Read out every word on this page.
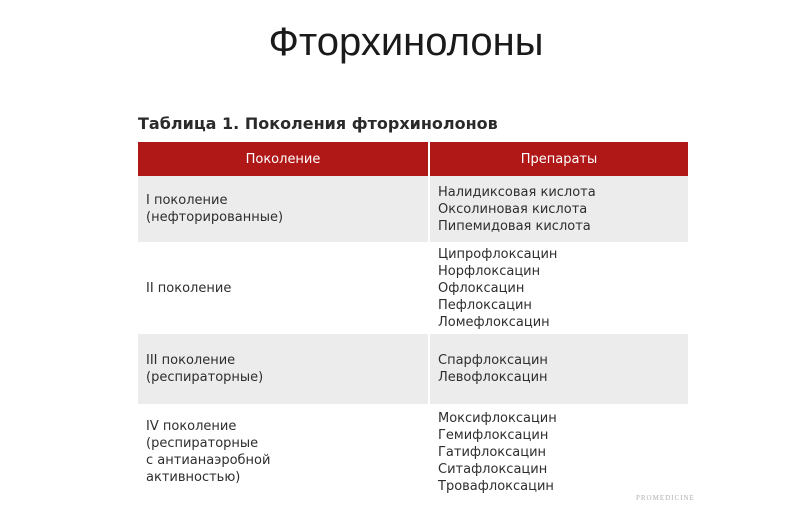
Фторхинолоны
Таблица 1. Поколения фторхинолонов
Поколение	Препараты

I поколение
(нефторированные)	Налидиксовая кислота
Оксолиновая кислота
Пипемидовая кислота

II поколение	Ципрофлоксацин
Норфлоксацин
Офлоксацин
Пефлоксацин
Ломефлоксацин

III поколение
(респираторные)	Спарфлоксацин
Левофлоксацин

IV поколение
(респираторные
с антианаэробной
активностью)	Моксифлоксацин
Гемифлоксацин
Гатифлоксацин
Ситафлоксацин
Тровафлоксацин
PROMEDICINE
